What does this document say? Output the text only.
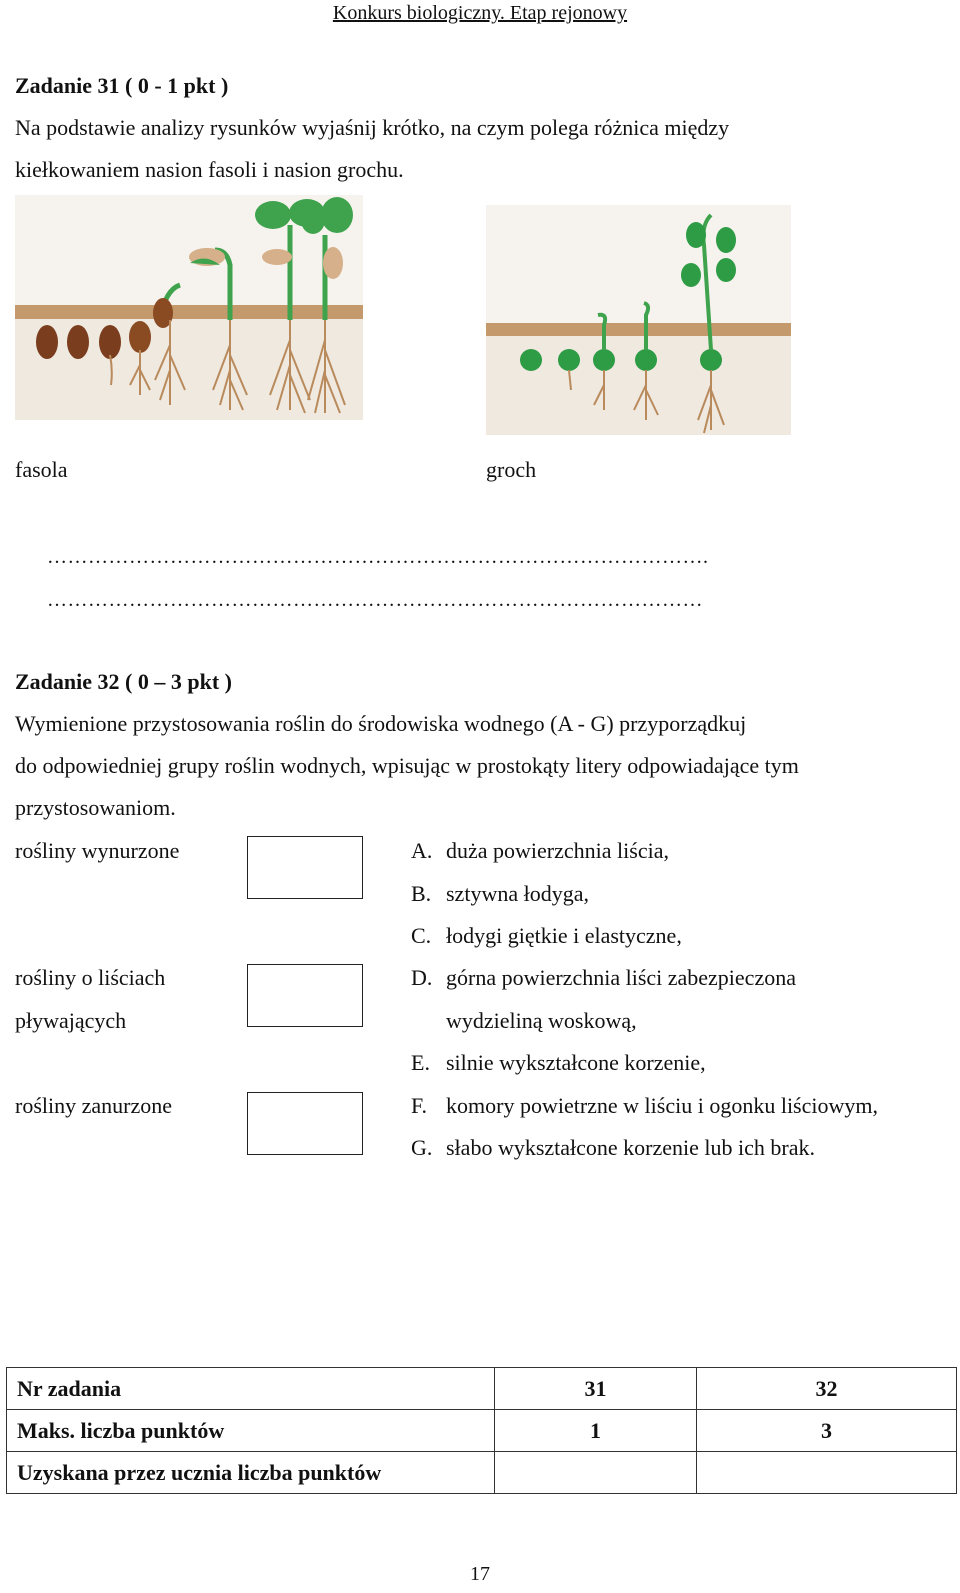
Konkurs biologiczny. Etap rejonowy
Zadanie 31 ( 0 - 1 pkt )
Na podstawie analizy rysunków wyjaśnij krótko, na czym polega różnica między
kiełkowaniem nasion fasoli i nasion grochu.
fasola	groch
…………………………………………………………………………………….
……………………………………………………………………………………
Zadanie 32 ( 0 – 3 pkt )
Wymienione przystosowania roślin do środowiska wodnego (A - G) przyporządkuj
do odpowiedniej grupy roślin wodnych, wpisując w prostokąty litery odpowiadające tym
przystosowaniom.
rośliny wynurzone
rośliny o liściach
pływających
rośliny zanurzone
A. duża powierzchnia liścia,
B. sztywna łodyga,
C. łodygi giętkie i elastyczne,
D. górna powierzchnia liści zabezpieczona
wydzieliną woskową,
E. silnie wykształcone korzenie,
F. komory powietrzne w liściu i ogonku liściowym,
G. słabo wykształcone korzenie lub ich brak.
Nr zadania	31	32
Maks. liczba punktów	1	3
Uzyskana przez ucznia liczba punktów		
17
